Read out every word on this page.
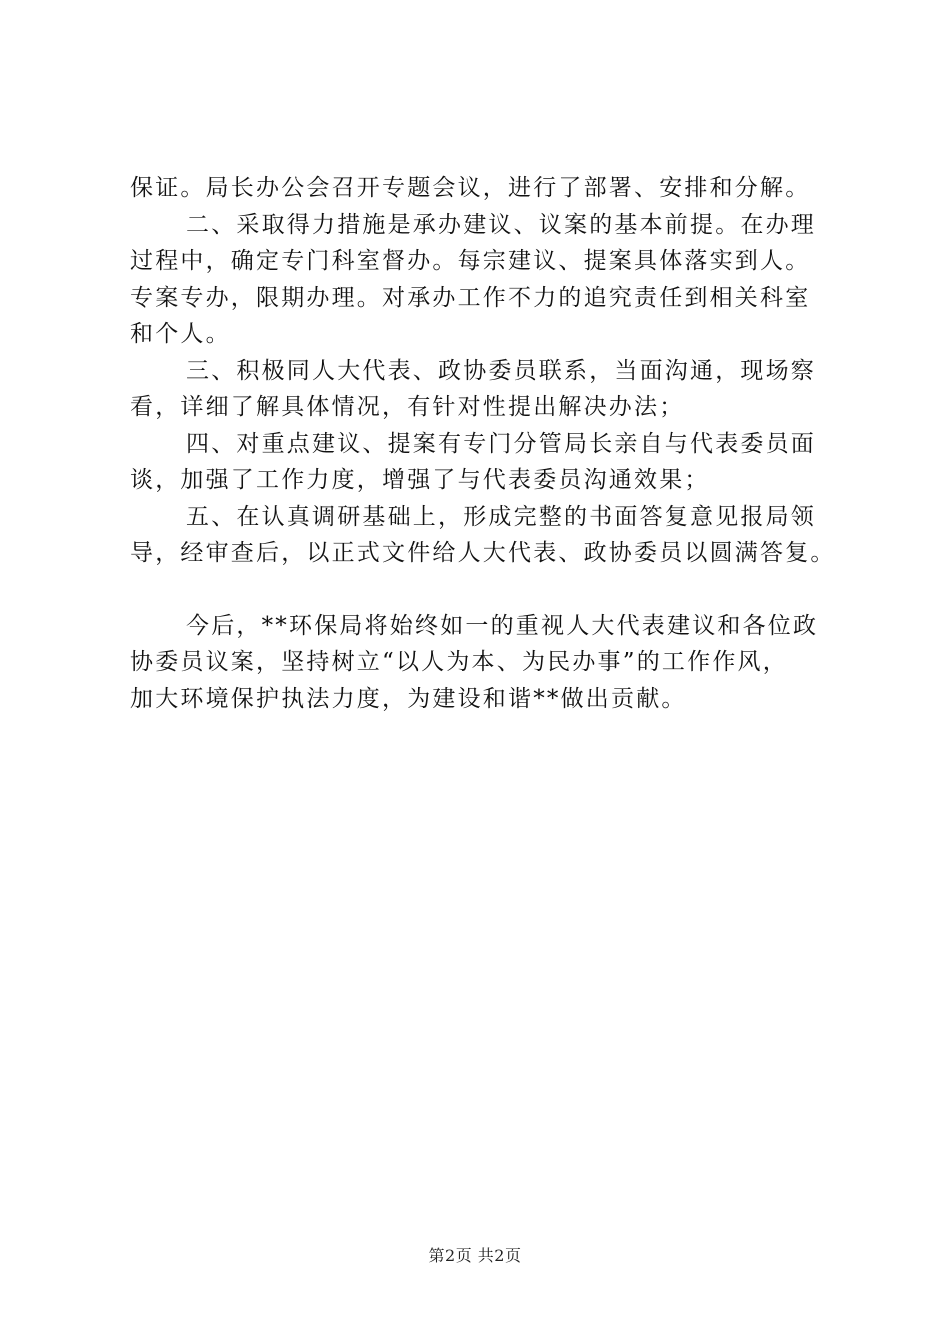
保证。局长办公会召开专题会议，进行了部署、安排和分解。
二、采取得力措施是承办建议、议案的基本前提。在办理
过程中，确定专门科室督办。每宗建议、提案具体落实到人。
专案专办，限期办理。对承办工作不力的追究责任到相关科室
和个人。
三、积极同人大代表、政协委员联系，当面沟通，现场察
看，详细了解具体情况，有针对性提出解决办法；
四、对重点建议、提案有专门分管局长亲自与代表委员面
谈，加强了工作力度，增强了与代表委员沟通效果；
五、在认真调研基础上，形成完整的书面答复意见报局领
导，经审查后，以正式文件给人大代表、政协委员以圆满答复。
今后，**环保局将始终如一的重视人大代表建议和各位政
协委员议案，坚持树立“以人为本、为民办事”的工作作风，
加大环境保护执法力度，为建设和谐**做出贡献。
第2页 共2页
